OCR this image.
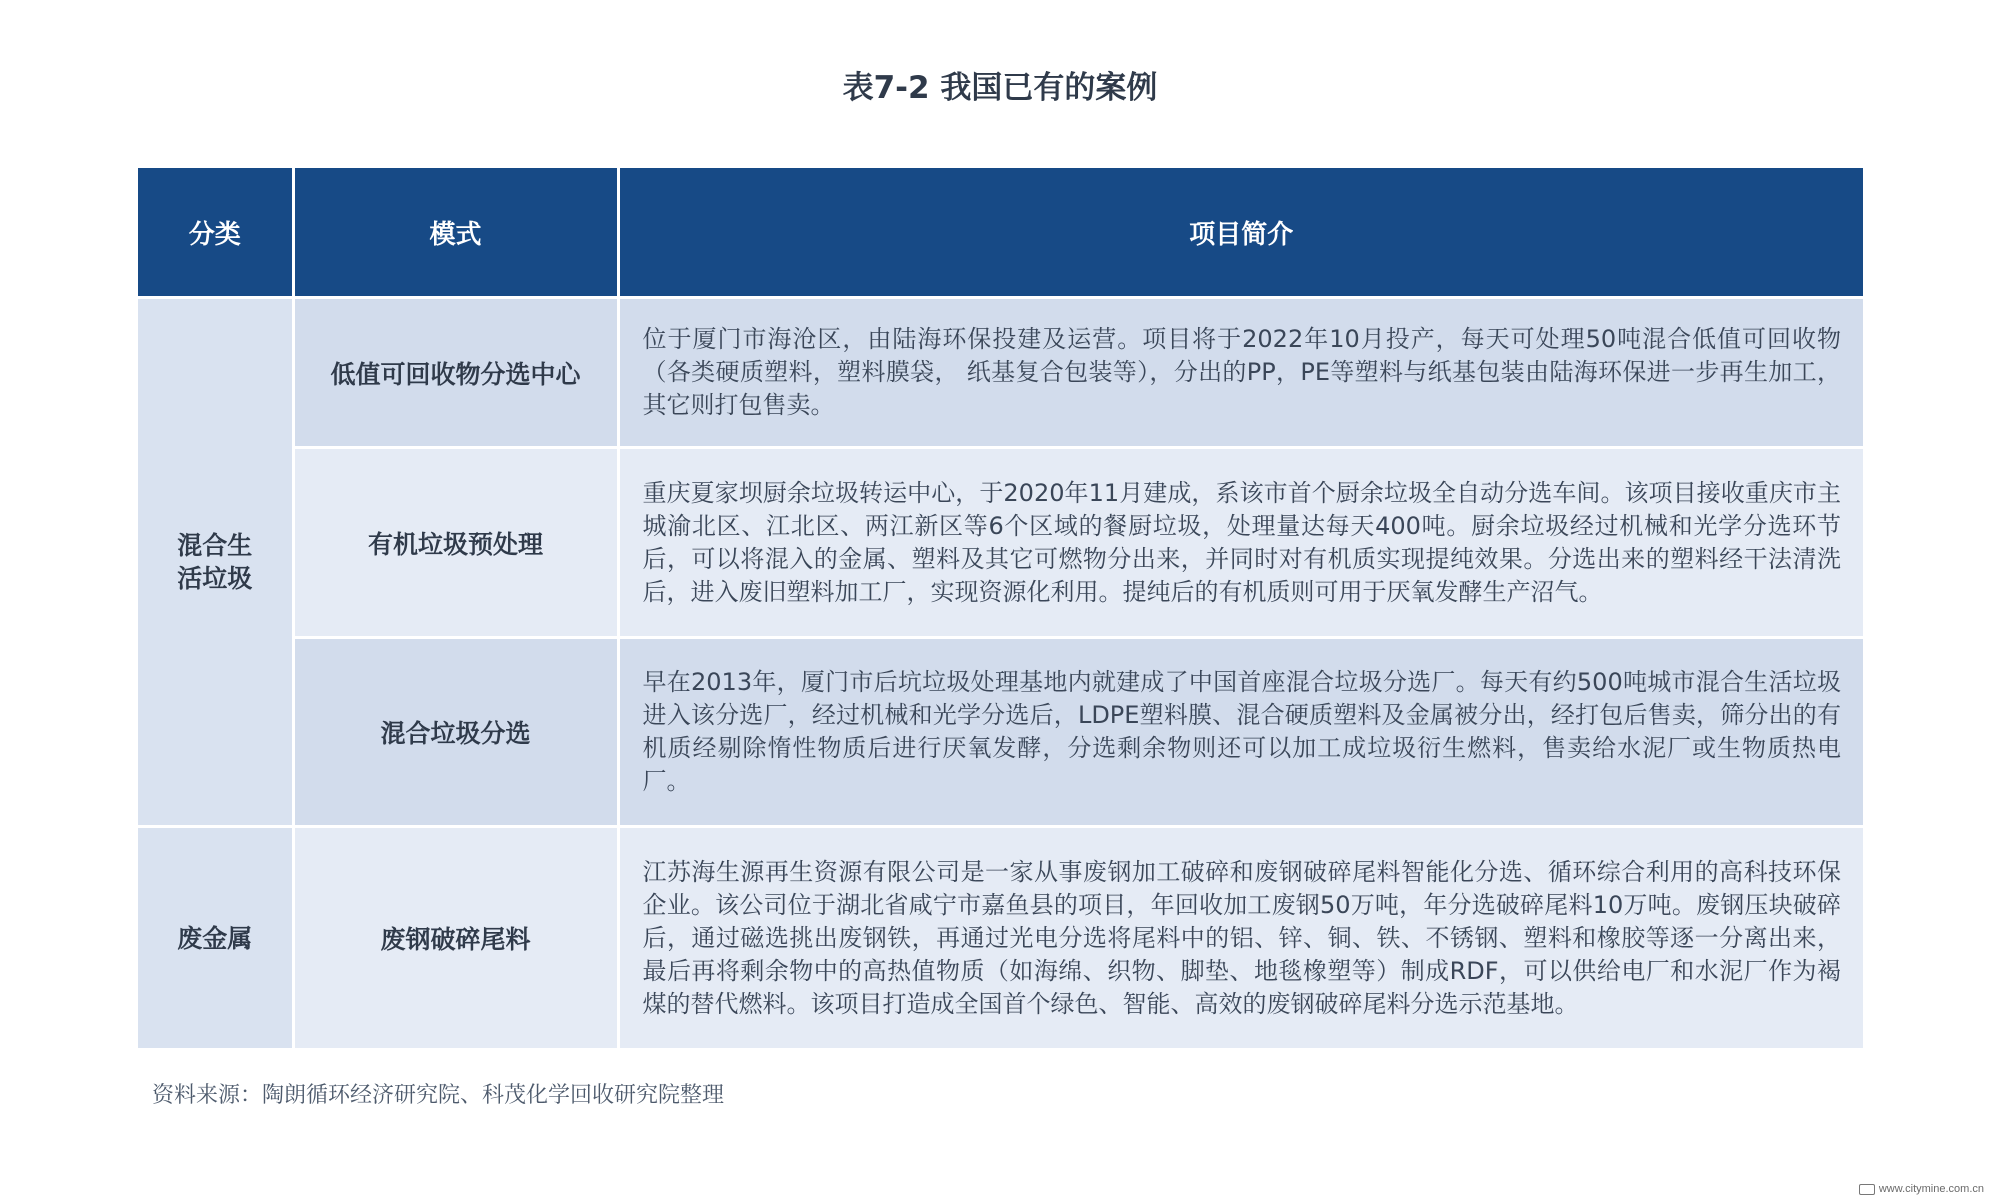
表7-2 我国已有的案例
分类	模式	项目简介
混合生活垃圾	低值可回收物分选中心	位于厦门市海沧区，由陆海环保投建及运营。项目将于2022年10月投产，每天可处理50吨混合低值可回收物（各类硬质塑料，塑料膜袋， 纸基复合包装等），分出的PP，PE等塑料与纸基包装由陆海环保进一步再生加工，其它则打包售卖。
	有机垃圾预处理	重庆夏家坝厨余垃圾转运中心，于2020年11月建成，系该市首个厨余垃圾全自动分选车间。该项目接收重庆市主城渝北区、江北区、两江新区等6个区域的餐厨垃圾，处理量达每天400吨。厨余垃圾经过机械和光学分选环节后，可以将混入的金属、塑料及其它可燃物分出来，并同时对有机质实现提纯效果。分选出来的塑料经干法清洗后，进入废旧塑料加工厂，实现资源化利用。提纯后的有机质则可用于厌氧发酵生产沼气。
	混合垃圾分选	早在2013年，厦门市后坑垃圾处理基地内就建成了中国首座混合垃圾分选厂。每天有约500吨城市混合生活垃圾进入该分选厂，经过机械和光学分选后，LDPE塑料膜、混合硬质塑料及金属被分出，经打包后售卖，筛分出的有机质经剔除惰性物质后进行厌氧发酵，分选剩余物则还可以加工成垃圾衍生燃料，售卖给水泥厂或生物质热电厂。
废金属	废钢破碎尾料	江苏海生源再生资源有限公司是一家从事废钢加工破碎和废钢破碎尾料智能化分选、循环综合利用的高科技环保企业。该公司位于湖北省咸宁市嘉鱼县的项目，年回收加工废钢50万吨，年分选破碎尾料10万吨。废钢压块破碎后，通过磁选挑出废钢铁，再通过光电分选将尾料中的铝、锌、铜、铁、不锈钢、塑料和橡胶等逐一分离出来，最后再将剩余物中的高热值物质（如海绵、织物、脚垫、地毯橡塑等）制成RDF，可以供给电厂和水泥厂作为褐煤的替代燃料。该项目打造成全国首个绿色、智能、高效的废钢破碎尾料分选示范基地。
资料来源：陶朗循环经济研究院、科茂化学回收研究院整理
www.citymine.com.cn
